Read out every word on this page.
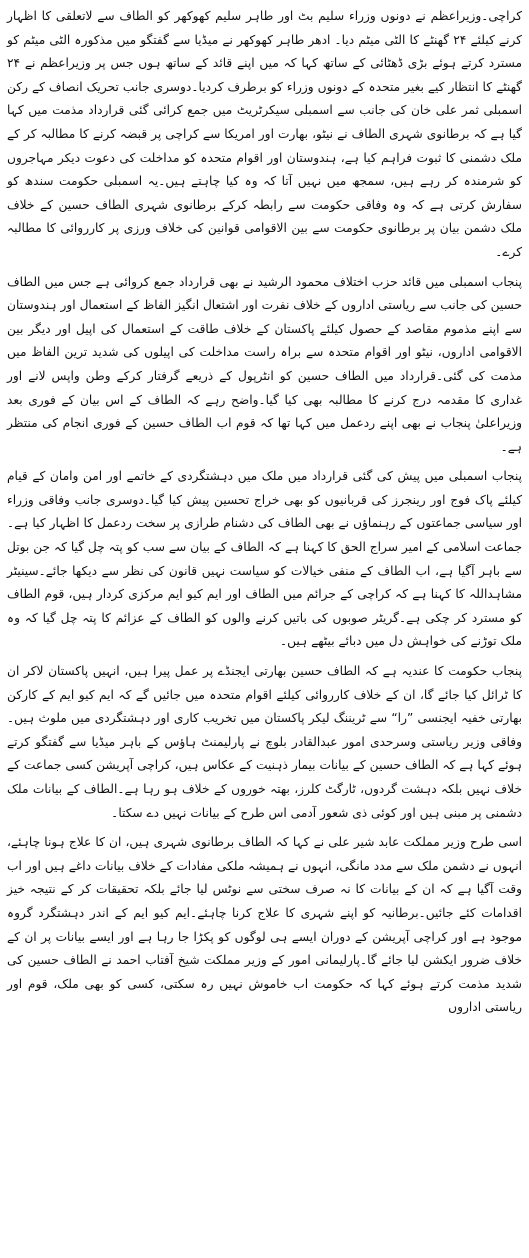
کراچی۔وزیراعظم نے دونوں وزراء سلیم بٹ اور طاہر سلیم کھوکھر کو الطاف سے لاتعلقی کا اظہار کرنے کیلئے ۲۴ گھنٹے کا الٹی میٹم دیا۔ ادھر طاہر کھوکھر نے میڈیا سے گفتگو میں مذکورہ الٹی میٹم کو مسترد کرتے ہوئے بڑی ڈھٹائی کے ساتھ کہا کہ میں اپنے قائد کے ساتھ ہوں جس پر وزیراعظم نے ۲۴ گھنٹے کا انتظار کیے بغیر متحدہ کے دونوں وزراء کو برطرف کردیا۔دوسری جانب تحریک انصاف کے رکن اسمبلی ثمر علی خان کی جانب سے اسمبلی سیکرٹریٹ میں جمع کرائی گئی قرارداد مذمت میں کہا گیا ہے کہ برطانوی شہری الطاف نے نیٹو، بھارت اور امریکا سے کراچی پر قبضہ کرنے کا مطالبہ کر کے ملک دشمنی کا ثبوت فراہم کیا ہے، ہندوستان اور اقوام متحدہ کو مداخلت کی دعوت دیکر مہاجروں کو شرمندہ کر رہے ہیں، سمجھ میں نہیں آتا کہ وہ کیا چاہتے ہیں۔یہ اسمبلی حکومت سندھ کو سفارش کرتی ہے کہ وہ وفاقی حکومت سے رابطہ کرکے برطانوی شہری الطاف حسین کے خلاف ملک دشمن بیان پر برطانوی حکومت سے بین الاقوامی قوانین کی خلاف ورزی پر کارروائی کا مطالبہ کرے۔

پنجاب اسمبلی میں قائد حزب اختلاف محمود الرشید نے بھی قرارداد جمع کروائی ہے جس میں الطاف حسین کی جانب سے ریاستی اداروں کے خلاف نفرت اور اشتعال انگیز الفاظ کے استعمال اور ہندوستان سے اپنے مذموم مقاصد کے حصول کیلئے پاکستان کے خلاف طاقت کے استعمال کی اپیل اور دیگر بین الاقوامی اداروں، نیٹو اور اقوام متحدہ سے براہ راست مداخلت کی اپیلوں کی شدید ترین الفاظ میں مذمت کی گئی۔قرارداد میں الطاف حسین کو انٹرپول کے ذریعے گرفتار کرکے وطن واپس لانے اور غداری کا مقدمہ درج کرنے کا مطالبہ بھی کیا گیا۔واضح رہے کہ الطاف کے اس بیان کے فوری بعد وزیراعلیٰ پنجاب نے بھی اپنے ردعمل میں کہا تھا کہ قوم اب الطاف حسین کے فوری انجام کی منتظر ہے۔

پنجاب اسمبلی میں پیش کی گئی قرارداد میں ملک میں دہشتگردی کے خاتمے اور امن وامان کے قیام کیلئے پاک فوج اور رینجرز کی قربانیوں کو بھی خراج تحسین پیش کیا گیا۔دوسری جانب وفاقی وزراء اور سیاسی جماعتوں کے رہنماؤں نے بھی الطاف کی دشنام طرازی پر سخت ردعمل کا اظہار کیا ہے۔جماعت اسلامی کے امیر سراج الحق کا کہنا ہے کہ الطاف کے بیان سے سب کو پتہ چل گیا کہ جن بوتل سے باہر آگیا ہے، اب الطاف کے منفی خیالات کو سیاست نہیں قانون کی نظر سے دیکھا جائے۔سینیٹر مشاہداللہ کا کہنا ہے کہ کراچی کے جرائم میں الطاف اور ایم کیو ایم مرکزی کردار ہیں، قوم الطاف کو مسترد کر چکی ہے۔گریٹر صوبوں کی باتیں کرنے والوں کو الطاف کے عزائم کا پتہ چل گیا کہ وہ ملک توڑنے کی خواہش دل میں دبائے بیٹھے ہیں۔

پنجاب حکومت کا عندیہ ہے کہ الطاف حسین بھارتی ایجنڈے پر عمل پیرا ہیں، انہیں پاکستان لاکر ان کا ٹرائل کیا جائے گا، ان کے خلاف کارروائی کیلئے اقوام متحدہ میں جائیں گے کہ ایم کیو ایم کے کارکن بھارتی خفیہ ایجنسی ”را“ سے ٹریننگ لیکر پاکستان میں تخریب کاری اور دہشتگردی میں ملوث ہیں۔وفاقی وزیر ریاستی وسرحدی امور عبدالقادر بلوچ نے پارلیمنٹ ہاؤس کے باہر میڈیا سے گفتگو کرتے ہوئے کہا ہے کہ الطاف حسین کے بیانات بیمار ذہنیت کے عکاس ہیں، کراچی آپریشن کسی جماعت کے خلاف نہیں بلکہ دہشت گردوں، ٹارگٹ کلرز، بھتہ خوروں کے خلاف ہو رہا ہے۔الطاف کے بیانات ملک دشمنی پر مبنی ہیں اور کوئی ذی شعور آدمی اس طرح کے بیانات نہیں دے سکتا۔

اسی طرح وزیر مملکت عابد شیر علی نے کہا کہ الطاف برطانوی شہری ہیں، ان کا علاج ہونا چاہئے، انہوں نے دشمن ملک سے مدد مانگی، انہوں نے ہمیشہ ملکی مفادات کے خلاف بیانات داغے ہیں اور اب وقت آگیا ہے کہ ان کے بیانات کا نہ صرف سختی سے نوٹس لیا جائے بلکہ تحقیقات کر کے نتیجہ خیز اقدامات کئے جائیں۔برطانیہ کو اپنے شہری کا علاج کرنا چاہئے۔ایم کیو ایم کے اندر دہشتگرد گروہ موجود ہے اور کراچی آپریشن کے دوران ایسے ہی لوگوں کو پکڑا جا رہا ہے اور ایسے بیانات پر ان کے خلاف ضرور ایکشن لیا جائے گا۔پارلیمانی امور کے وزیر مملکت شیخ آفتاب احمد نے الطاف حسین کی شدید مذمت کرتے ہوئے کہا کہ حکومت اب خاموش نہیں رہ سکتی، کسی کو بھی ملک، قوم اور ریاستی اداروں
